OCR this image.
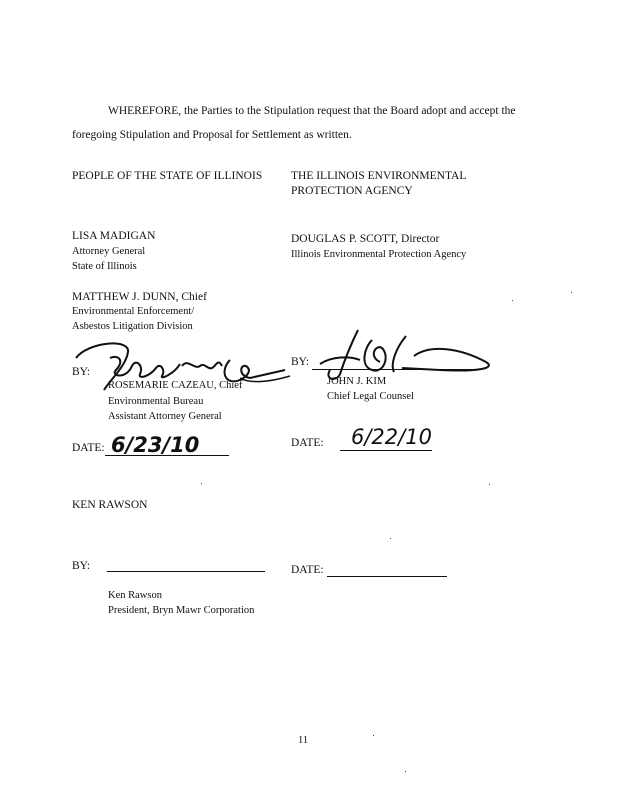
WHEREFORE, the Parties to the Stipulation request that the Board adopt and accept the
foregoing Stipulation and Proposal for Settlement as written.
PEOPLE OF THE STATE OF ILLINOIS
LISA MADIGAN
Attorney General
State of Illinois
MATTHEW J. DUNN, Chief
Environmental Enforcement/
Asbestos Litigation Division
BY:
ROSEMARIE CAZEAU, Chief
Environmental Bureau
Assistant Attorney General
DATE: 6/23/10
THE ILLINOIS ENVIRONMENTAL
PROTECTION AGENCY
DOUGLAS P. SCOTT, Director
Illinois Environmental Protection Agency
BY:
JOHN J. KIM
Chief Legal Counsel
DATE: 6/22/10
KEN RAWSON
BY:	DATE:
Ken Rawson
President, Bryn Mawr Corporation
11
